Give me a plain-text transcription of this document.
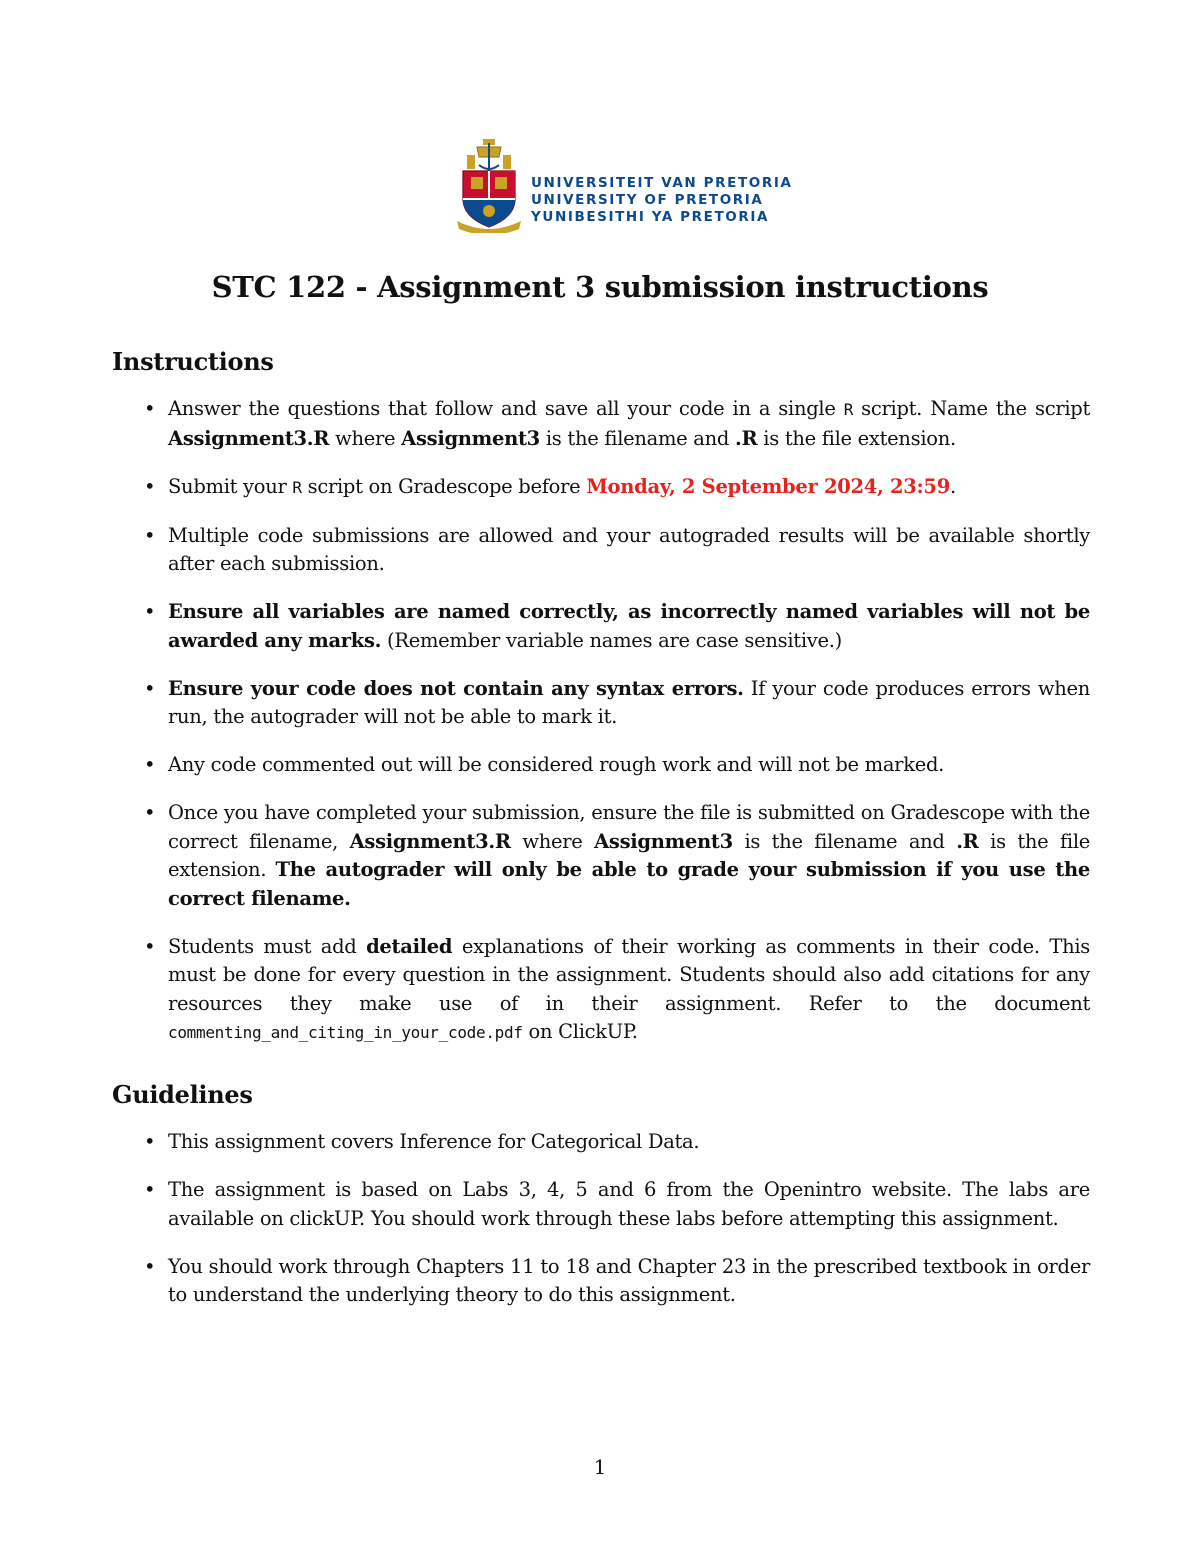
UNIVERSITEIT VAN PRETORIA
UNIVERSITY OF PRETORIA
YUNIBESITHI YA PRETORIA
STC 122 - Assignment 3 submission instructions
Instructions
• Answer the questions that follow and save all your code in a single R script. Name the script Assignment3.R where Assignment3 is the filename and .R is the file extension.
• Submit your R script on Gradescope before Monday, 2 September 2024, 23:59.
• Multiple code submissions are allowed and your autograded results will be available shortly after each submission.
• Ensure all variables are named correctly, as incorrectly named variables will not be awarded any marks. (Remember variable names are case sensitive.)
• Ensure your code does not contain any syntax errors. If your code produces errors when run, the autograder will not be able to mark it.
• Any code commented out will be considered rough work and will not be marked.
• Once you have completed your submission, ensure the file is submitted on Gradescope with the correct filename, Assignment3.R where Assignment3 is the filename and .R is the file extension. The autograder will only be able to grade your submission if you use the correct filename.
• Students must add detailed explanations of their working as comments in their code. This must be done for every question in the assignment. Students should also add citations for any resources they make use of in their assignment. Refer to the document commenting_and_citing_in_your_code.pdf on ClickUP.
Guidelines
• This assignment covers Inference for Categorical Data.
• The assignment is based on Labs 3, 4, 5 and 6 from the Openintro website. The labs are available on clickUP. You should work through these labs before attempting this assignment.
• You should work through Chapters 11 to 18 and Chapter 23 in the prescribed textbook in order to understand the underlying theory to do this assignment.
1
